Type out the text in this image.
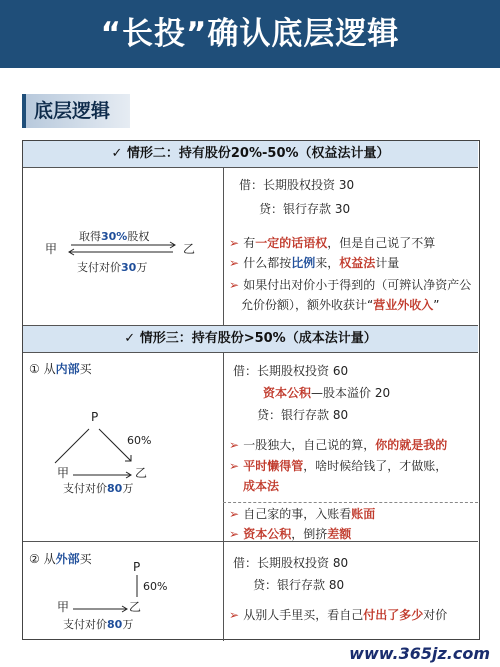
“长投”确认底层逻辑
底层逻辑
✓ 情形二：持有股份20%-50%（权益法计量）
取得30%股权
甲	乙
支付对价30万
借：长期股权投资 30
贷：银行存款 30
➢ 有一定的话语权，但是自己说了不算
➢ 什么都按比例来，权益法计量
➢ 如果付出对价小于得到的（可辨认净资产公
允价份额），额外收获计“营业外收入”
✓ 情形三：持有股份>50%（成本法计量）
① 从内部买
P
60%
甲	乙
支付对价80万
借：长期股权投资 60
资本公积—股本溢价 20
贷：银行存款 80
➢ 一股独大，自己说的算，你的就是我的
➢ 平时懒得管，啥时候给钱了，才做账，
成本法
➢ 自己家的事，入账看账面
➢ 资本公积，倒挤差额
② 从外部买
P
60%
甲	乙
支付对价80万
借：长期股权投资 80
贷：银行存款 80
➢ 从别人手里买，看自己付出了多少对价
www.365jz.com
